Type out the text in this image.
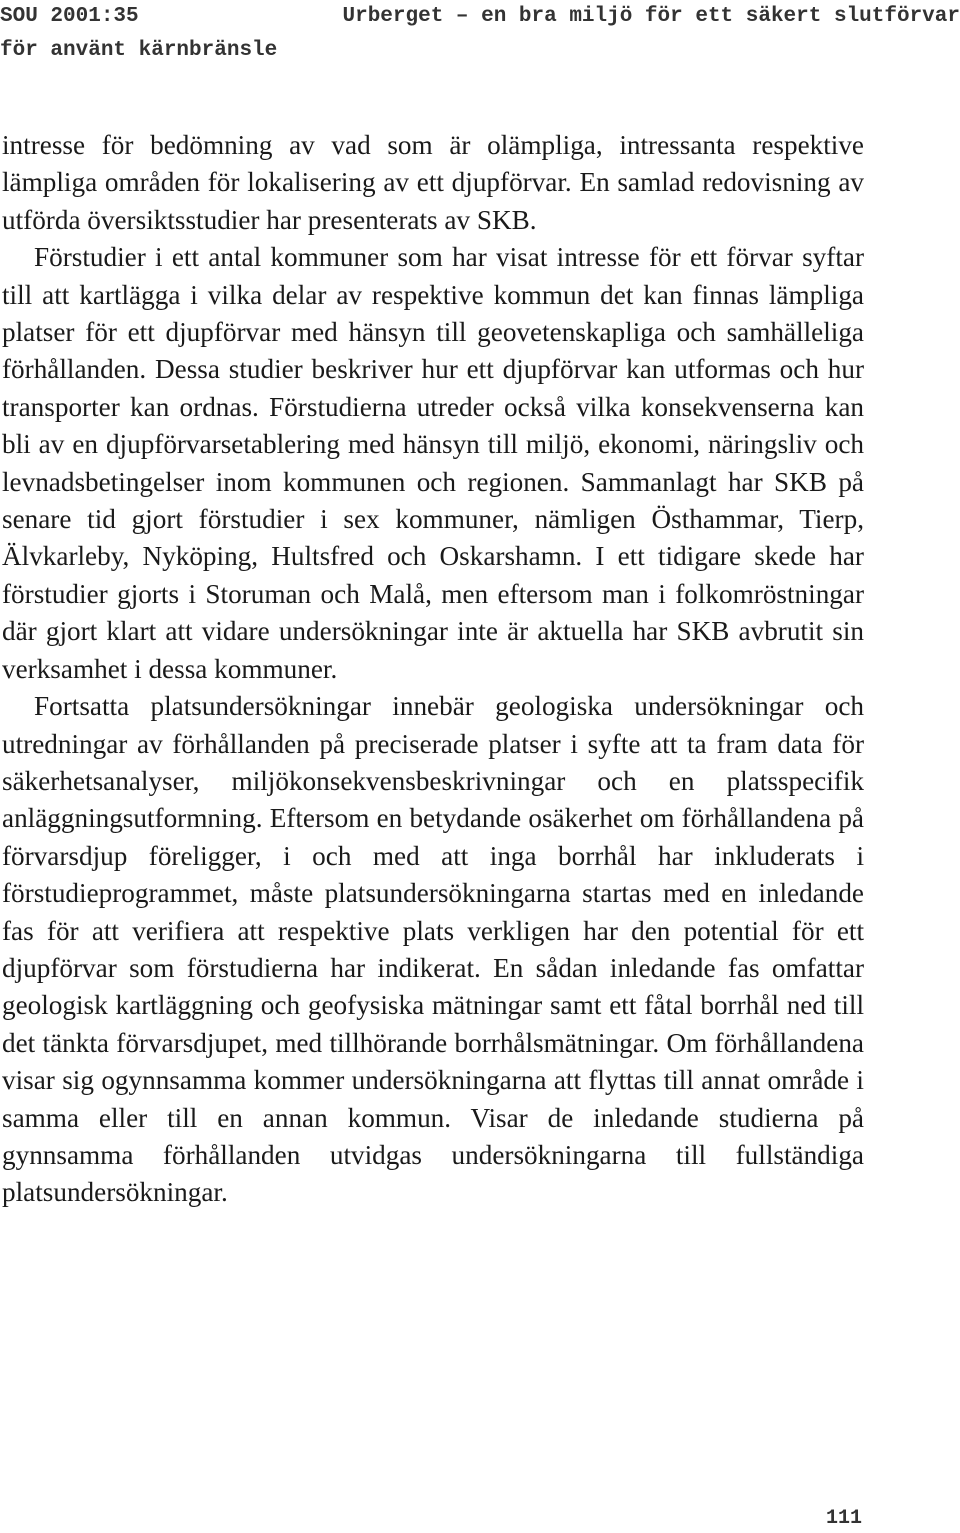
SOU 2001:35	Urberget – en bra miljö för ett säkert slutförvar
för använt kärnbränsle

intresse för bedömning av vad som är olämpliga, intressanta respektive lämpliga områden för lokalisering av ett djupförvar. En samlad redovisning av utförda översiktsstudier har presenterats av SKB.

Förstudier i ett antal kommuner som har visat intresse för ett förvar syftar till att kartlägga i vilka delar av respektive kommun det kan finnas lämpliga platser för ett djupförvar med hänsyn till geovetenskapliga och samhälleliga förhållanden. Dessa studier beskriver hur ett djupförvar kan utformas och hur transporter kan ordnas. Förstudierna utreder också vilka konsekvenserna kan bli av en djupförvarsetablering med hänsyn till miljö, ekonomi, näringsliv och levnadsbetingelser inom kommunen och regionen. Sammanlagt har SKB på senare tid gjort förstudier i sex kommuner, nämligen Östhammar, Tierp, Älvkarleby, Nyköping, Hultsfred och Oskarshamn. I ett tidigare skede har förstudier gjorts i Storuman och Malå, men eftersom man i folkomröstningar där gjort klart att vidare undersökningar inte är aktuella har SKB avbrutit sin verksamhet i dessa kommuner.

Fortsatta platsundersökningar innebär geologiska undersökningar och utredningar av förhållanden på preciserade platser i syfte att ta fram data för säkerhetsanalyser, miljökonsekvensbeskrivningar och en platsspecifik anläggningsutformning. Eftersom en betydande osäkerhet om förhållandena på förvarsdjup föreligger, i och med att inga borrhål har inkluderats i förstudieprogrammet, måste platsundersökningarna startas med en inledande fas för att verifiera att respektive plats verkligen har den potential för ett djupförvar som förstudierna har indikerat. En sådan inledande fas omfattar geologisk kartläggning och geofysiska mätningar samt ett fåtal borrhål ned till det tänkta förvarsdjupet, med tillhörande borrhålsmätningar. Om förhållandena visar sig ogynnsamma kommer undersökningarna att flyttas till annat område i samma eller till en annan kommun. Visar de inledande studierna på gynnsamma förhållanden utvidgas undersökningarna till fullständiga platsundersökningar.

111
